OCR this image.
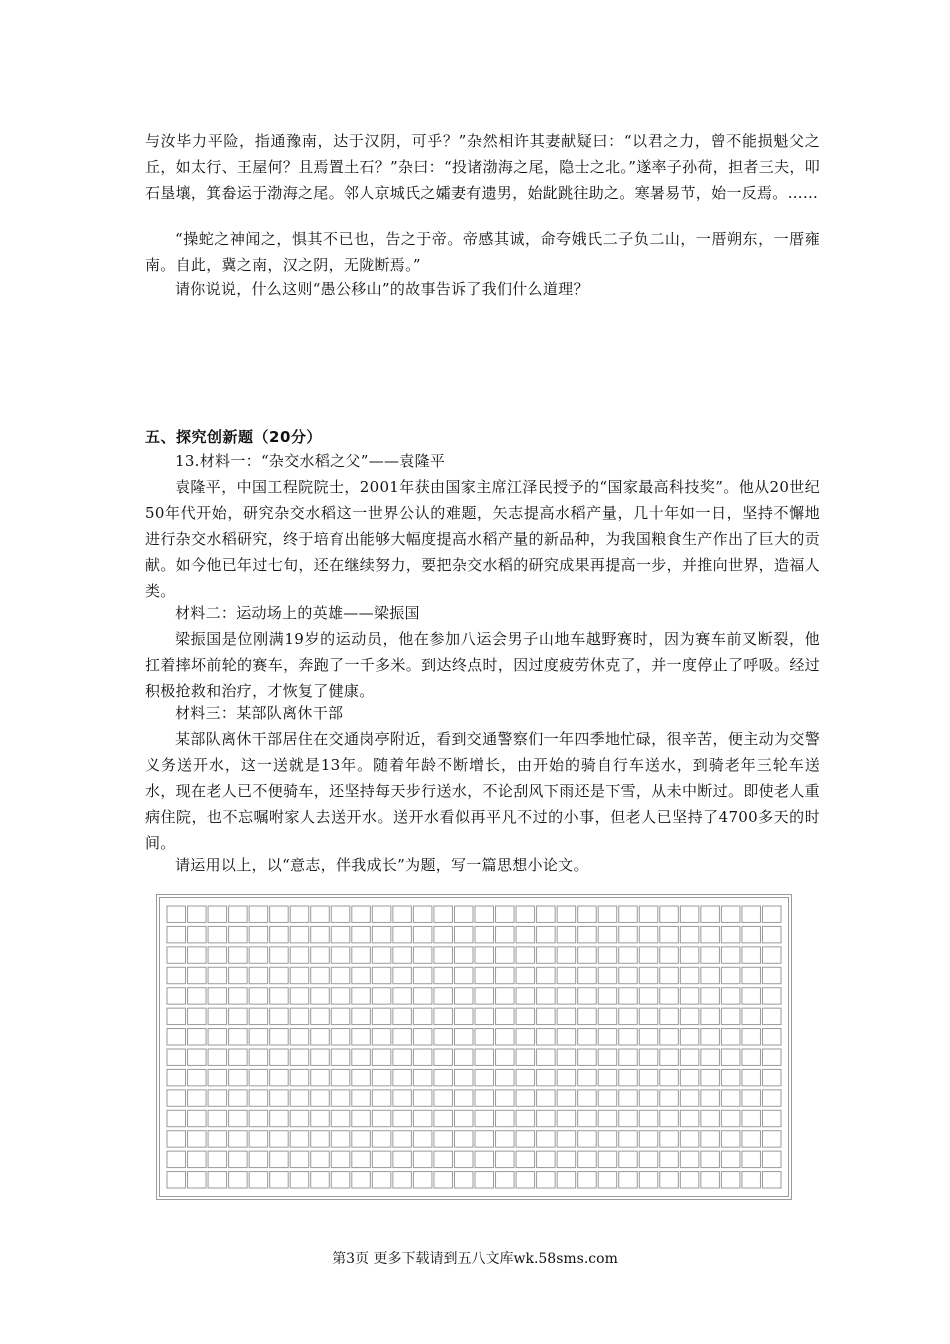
与汝毕力平险，指通豫南，达于汉阴，可乎？”杂然相许其妻献疑曰：“以君之力，曾不能损魁父之丘，如太行、王屋何？且焉置土石？”杂曰：“投诸渤海之尾，隐士之北。”遂率子孙荷，担者三夫，叩石垦壤，箕畚运于渤海之尾。邻人京城氏之孀妻有遗男，始龀跳往助之。寒暑易节，始一反焉。……

“操蛇之神闻之，惧其不已也，告之于帝。帝感其诚，命夸娥氏二子负二山，一厝朔东，一厝雍南。自此，冀之南，汉之阴，无陇断焉。”

请你说说，什么这则“愚公移山”的故事告诉了我们什么道理？

五、探究创新题（20分）

13.材料一：“杂交水稻之父”——袁隆平

袁隆平，中国工程院院士，2001年获由国家主席江泽民授予的“国家最高科技奖”。他从20世纪50年代开始，研究杂交水稻这一世界公认的难题，矢志提高水稻产量，几十年如一日，坚持不懈地进行杂交水稻研究，终于培育出能够大幅度提高水稻产量的新品种，为我国粮食生产作出了巨大的贡献。如今他已年过七旬，还在继续努力，要把杂交水稻的研究成果再提高一步，并推向世界，造福人类。

材料二：运动场上的英雄——梁振国

梁振国是位刚满19岁的运动员，他在参加八运会男子山地车越野赛时，因为赛车前叉断裂，他扛着摔坏前轮的赛车，奔跑了一千多米。到达终点时，因过度疲劳休克了，并一度停止了呼吸。经过积极抢救和治疗，才恢复了健康。

材料三：某部队离休干部

某部队离休干部居住在交通岗亭附近，看到交通警察们一年四季地忙碌，很辛苦，便主动为交警义务送开水，这一送就是13年。随着年龄不断增长，由开始的骑自行车送水，到骑老年三轮车送水，现在老人已不便骑车，还坚持每天步行送水，不论刮风下雨还是下雪，从未中断过。即使老人重病住院，也不忘嘱咐家人去送开水。送开水看似再平凡不过的小事，但老人已坚持了4700多天的时间。

请运用以上，以“意志，伴我成长”为题，写一篇思想小论文。

第3页 更多下载请到五八文库wk.58sms.com
